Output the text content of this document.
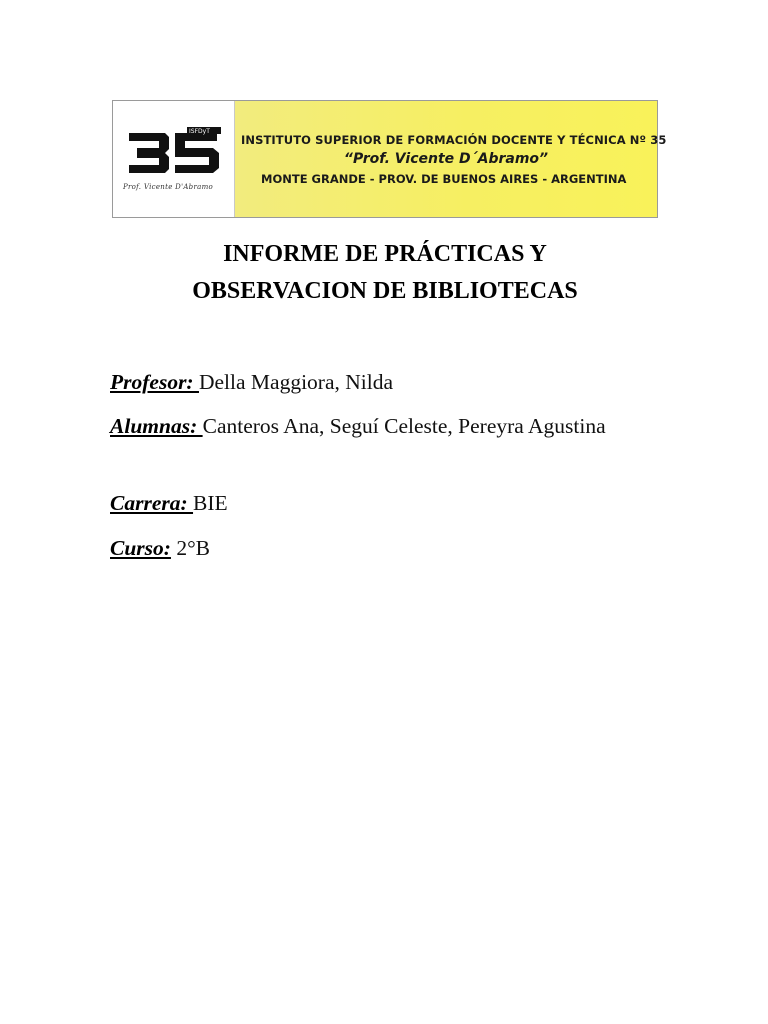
ISFDyT
Prof. Vicente D'Abramo
INSTITUTO SUPERIOR DE FORMACIÓN DOCENTE Y TÉCNICA Nº 35
“Prof. Vicente D´Abramo”
MONTE GRANDE - PROV. DE BUENOS AIRES - ARGENTINA
INFORME DE PRÁCTICAS Y
OBSERVACION DE BIBLIOTECAS
Profesor: Della Maggiora, Nilda
Alumnas: Canteros Ana, Seguí Celeste, Pereyra Agustina
Carrera: BIE
Curso: 2°B
